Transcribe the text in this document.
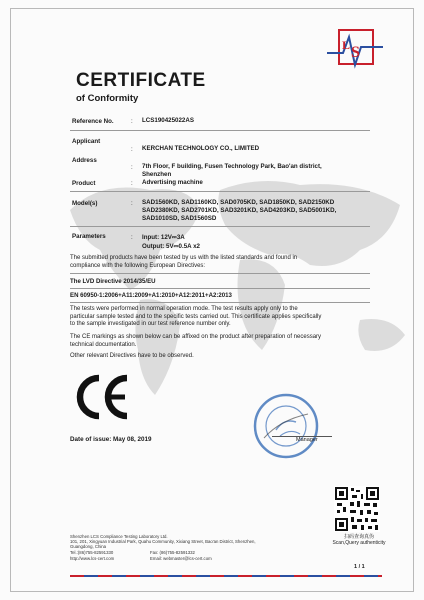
S
L
CERTIFICATE
of Conformity
Reference No.	: LCS190425022AS
Applicant
: KERCHAN TECHNOLOGY CO., LIMITED
Address
: 7th Floor, F building, Fusen Technology Park, Bao'an district,
Shenzhen
Product	: Advertising machine
Model(s)	: SAD1560KD, SAD1160KD, SAD0705KD, SAD1850KD, SAD2150KD
SAD2380KD, SAD2701KD, SAD3201KD, SAD4203KD, SAD5001KD,
SAD1010SD, SAD1560SD
Parameters	: Input: 12V⎓3A
Output: 5V⎓0.5A x2
The submitted products have been tested by us with the listed standards and found in
compliance with the following European Directives:
The LVD Directive 2014/35/EU
EN 60950-1:2006+A11:2009+A1:2010+A12:2011+A2:2013
The tests were performed in normal operation mode. The test results apply only to the
particular sample tested and to the specific tests carried out. This certificate applies specifically
to the sample investigated in our test reference number only.
The CE markings as shown below can be affixed on the product after preparation of necessary
technical documentation.
Other relevant Directives have to be observed.
Date of issue: May 08, 2019	Manager
扫码查询真伪
Scan,Query authenticity
Shenzhen LCS Compliance Testing Laboratory Ltd.
101, 201, Xingyuan Industrial Park, Quahu Community, Xixiang Street, Bao'an District, Shenzhen,
Guangdong, China
Tel.:(86)755-82591330	Fax: (86)755-82591332
http://www.lcs-cert.com	Email: webmaster@lcs-cert.com
1 / 1
